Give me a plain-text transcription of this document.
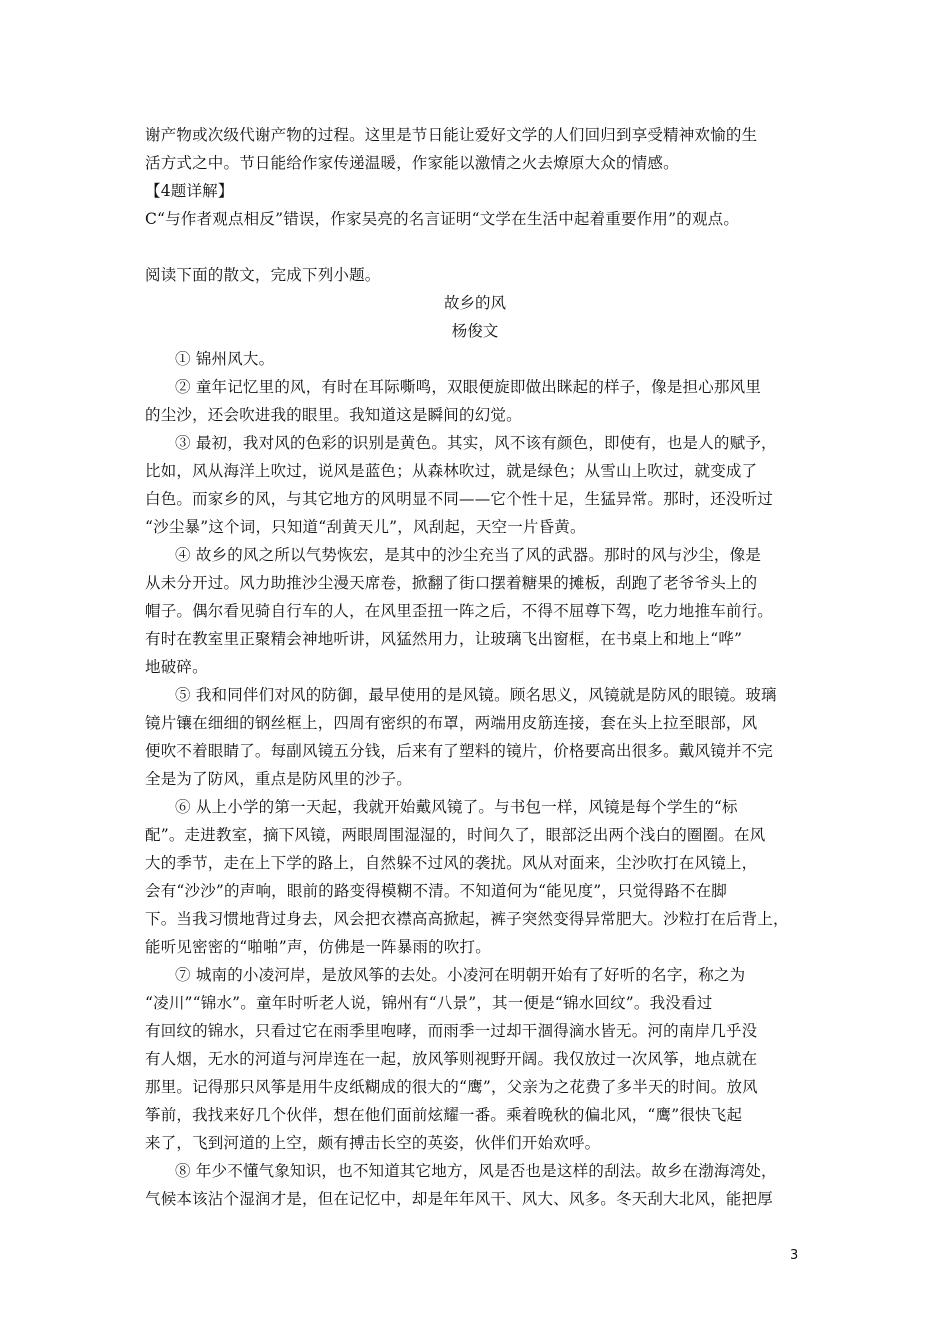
谢产物或次级代谢产物的过程。这里是节日能让爱好文学的人们回归到享受精神欢愉的生
活方式之中。节日能给作家传递温暖，作家能以激情之火去燎原大众的情感。
【4题详解】
C“与作者观点相反”错误，作家吴亮的名言证明“文学在生活中起着重要作用”的观点。
阅读下面的散文，完成下列小题。
故乡的风
杨俊文
① 锦州风大。
② 童年记忆里的风，有时在耳际嘶鸣，双眼便旋即做出眯起的样子，像是担心那风里
的尘沙，还会吹进我的眼里。我知道这是瞬间的幻觉。
③ 最初，我对风的色彩的识别是黄色。其实，风不该有颜色，即使有，也是人的赋予，
比如，风从海洋上吹过，说风是蓝色；从森林吹过，就是绿色；从雪山上吹过，就变成了
白色。而家乡的风，与其它地方的风明显不同——它个性十足，生猛异常。那时，还没听过
“沙尘暴”这个词，只知道“刮黄天儿”，风刮起，天空一片昏黄。
④ 故乡的风之所以气势恢宏，是其中的沙尘充当了风的武器。那时的风与沙尘，像是
从未分开过。风力助推沙尘漫天席卷，掀翻了街口摆着糖果的摊板，刮跑了老爷爷头上的
帽子。偶尔看见骑自行车的人，在风里歪扭一阵之后，不得不屈尊下驾，吃力地推车前行。
有时在教室里正聚精会神地听讲，风猛然用力，让玻璃飞出窗框，在书桌上和地上“哗”
地破碎。
⑤ 我和同伴们对风的防御，最早使用的是风镜。顾名思义，风镜就是防风的眼镜。玻璃
镜片镶在细细的钢丝框上，四周有密织的布罩，两端用皮筋连接，套在头上拉至眼部，风
便吹不着眼睛了。每副风镜五分钱，后来有了塑料的镜片，价格要高出很多。戴风镜并不完
全是为了防风，重点是防风里的沙子。
⑥ 从上小学的第一天起，我就开始戴风镜了。与书包一样，风镜是每个学生的“标
配”。走进教室，摘下风镜，两眼周围湿湿的，时间久了，眼部泛出两个浅白的圈圈。在风
大的季节，走在上下学的路上，自然躲不过风的袭扰。风从对面来，尘沙吹打在风镜上，
会有“沙沙”的声响，眼前的路变得模糊不清。不知道何为“能见度”，只觉得路不在脚
下。当我习惯地背过身去，风会把衣襟高高掀起，裤子突然变得异常肥大。沙粒打在后背上，
能听见密密的“啪啪”声，仿佛是一阵暴雨的吹打。
⑦ 城南的小凌河岸，是放风筝的去处。小凌河在明朝开始有了好听的名字，称之为
“凌川”“锦水”。童年时听老人说，锦州有“八景”，其一便是“锦水回纹”。我没看过
有回纹的锦水，只看过它在雨季里咆哮，而雨季一过却干涸得滴水皆无。河的南岸几乎没
有人烟，无水的河道与河岸连在一起，放风筝则视野开阔。我仅放过一次风筝，地点就在
那里。记得那只风筝是用牛皮纸糊成的很大的“鹰”，父亲为之花费了多半天的时间。放风
筝前，我找来好几个伙伴，想在他们面前炫耀一番。乘着晚秋的偏北风，“鹰”很快飞起
来了，飞到河道的上空，颇有搏击长空的英姿，伙伴们开始欢呼。
⑧ 年少不懂气象知识，也不知道其它地方，风是否也是这样的刮法。故乡在渤海湾处，
气候本该沾个湿润才是，但在记忆中，却是年年风干、风大、风多。冬天刮大北风，能把厚
3
